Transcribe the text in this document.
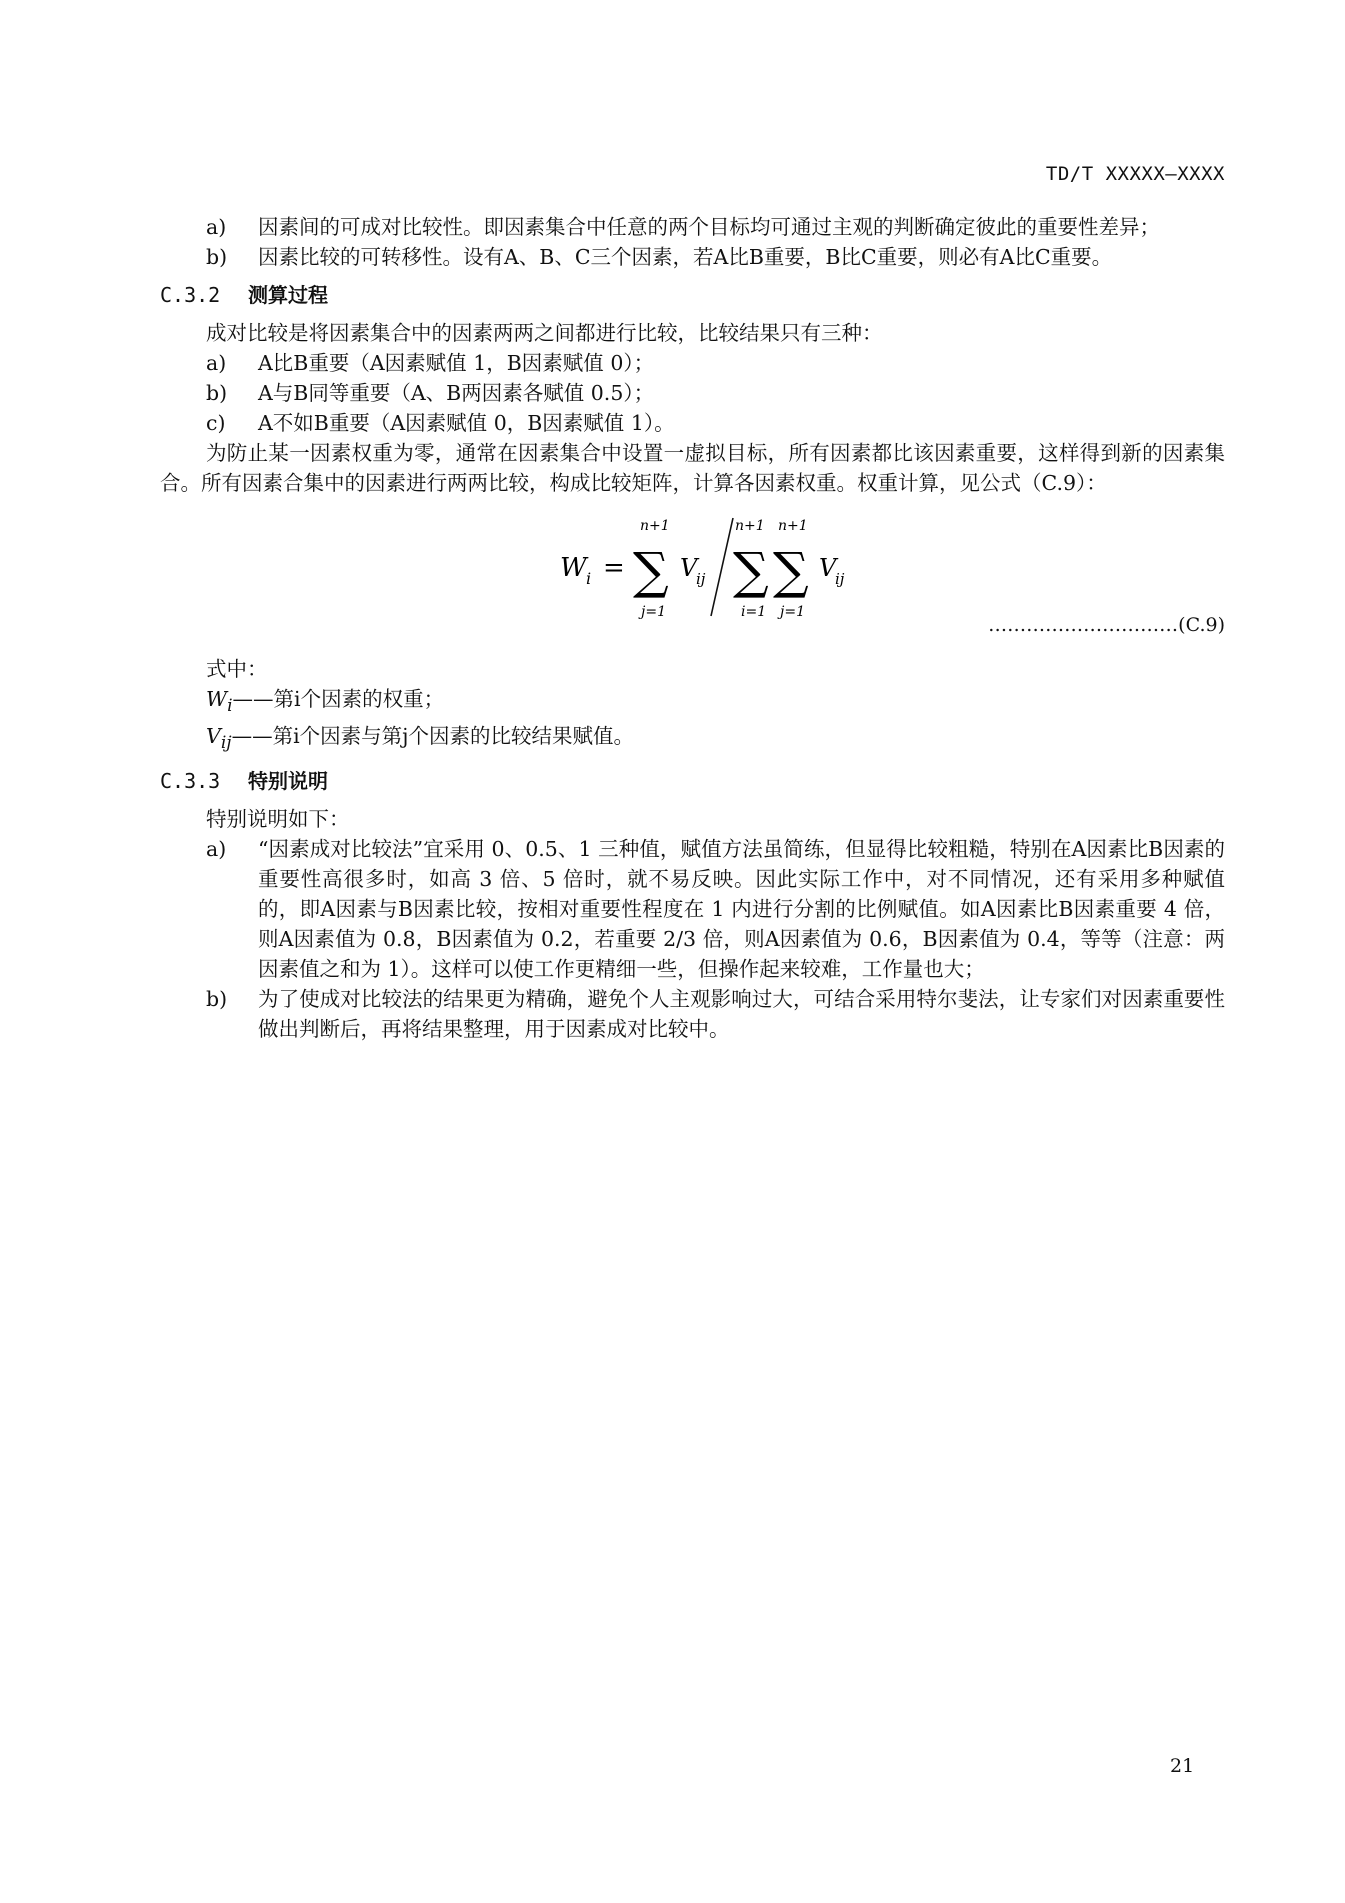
TD/T XXXXX—XXXX
a)	因素间的可成对比较性。即因素集合中任意的两个目标均可通过主观的判断确定彼此的重要性差异；
b)	因素比较的可转移性。设有A、B、C三个因素，若A比B重要，B比C重要，则必有A比C重要。
C.3.2 测算过程
成对比较是将因素集合中的因素两两之间都进行比较，比较结果只有三种：
a)	A比B重要（A因素赋值 1，B因素赋值 0）；
b)	A与B同等重要（A、B两因素各赋值 0.5）；
c)	A不如B重要（A因素赋值 0，B因素赋值 1）。
为防止某一因素权重为零，通常在因素集合中设置一虚拟目标，所有因素都比该因素重要，这样得到新的因素集合。所有因素合集中的因素进行两两比较，构成比较矩阵，计算各因素权重。权重计算，见公式（C.9）：
W i =
n+1
∑
j=1
V
ij
n+1
∑
i=1
n+1
∑
j=1
V
ij
…………………………(C.9)
式中：
$W_i——$第i个因素的权重；
$V_{ij}——$第i个因素与第j个因素的比较结果赋值。
C.3.3 特别说明
特别说明如下：
a)	“因素成对比较法”宜采用 0、0.5、1 三种值，赋值方法虽简练，但显得比较粗糙，特别在A因素比B因素的重要性高很多时，如高 3 倍、5 倍时，就不易反映。因此实际工作中，对不同情况，还有采用多种赋值的，即A因素与B因素比较，按相对重要性程度在 1 内进行分割的比例赋值。如A因素比B因素重要 4 倍，则A因素值为 0.8，B因素值为 0.2，若重要 2/3 倍，则A因素值为 0.6，B因素值为 0.4，等等（注意：两因素值之和为 1）。这样可以使工作更精细一些，但操作起来较难，工作量也大；
b)	为了使成对比较法的结果更为精确，避免个人主观影响过大，可结合采用特尔斐法，让专家们对因素重要性做出判断后，再将结果整理，用于因素成对比较中。
21
